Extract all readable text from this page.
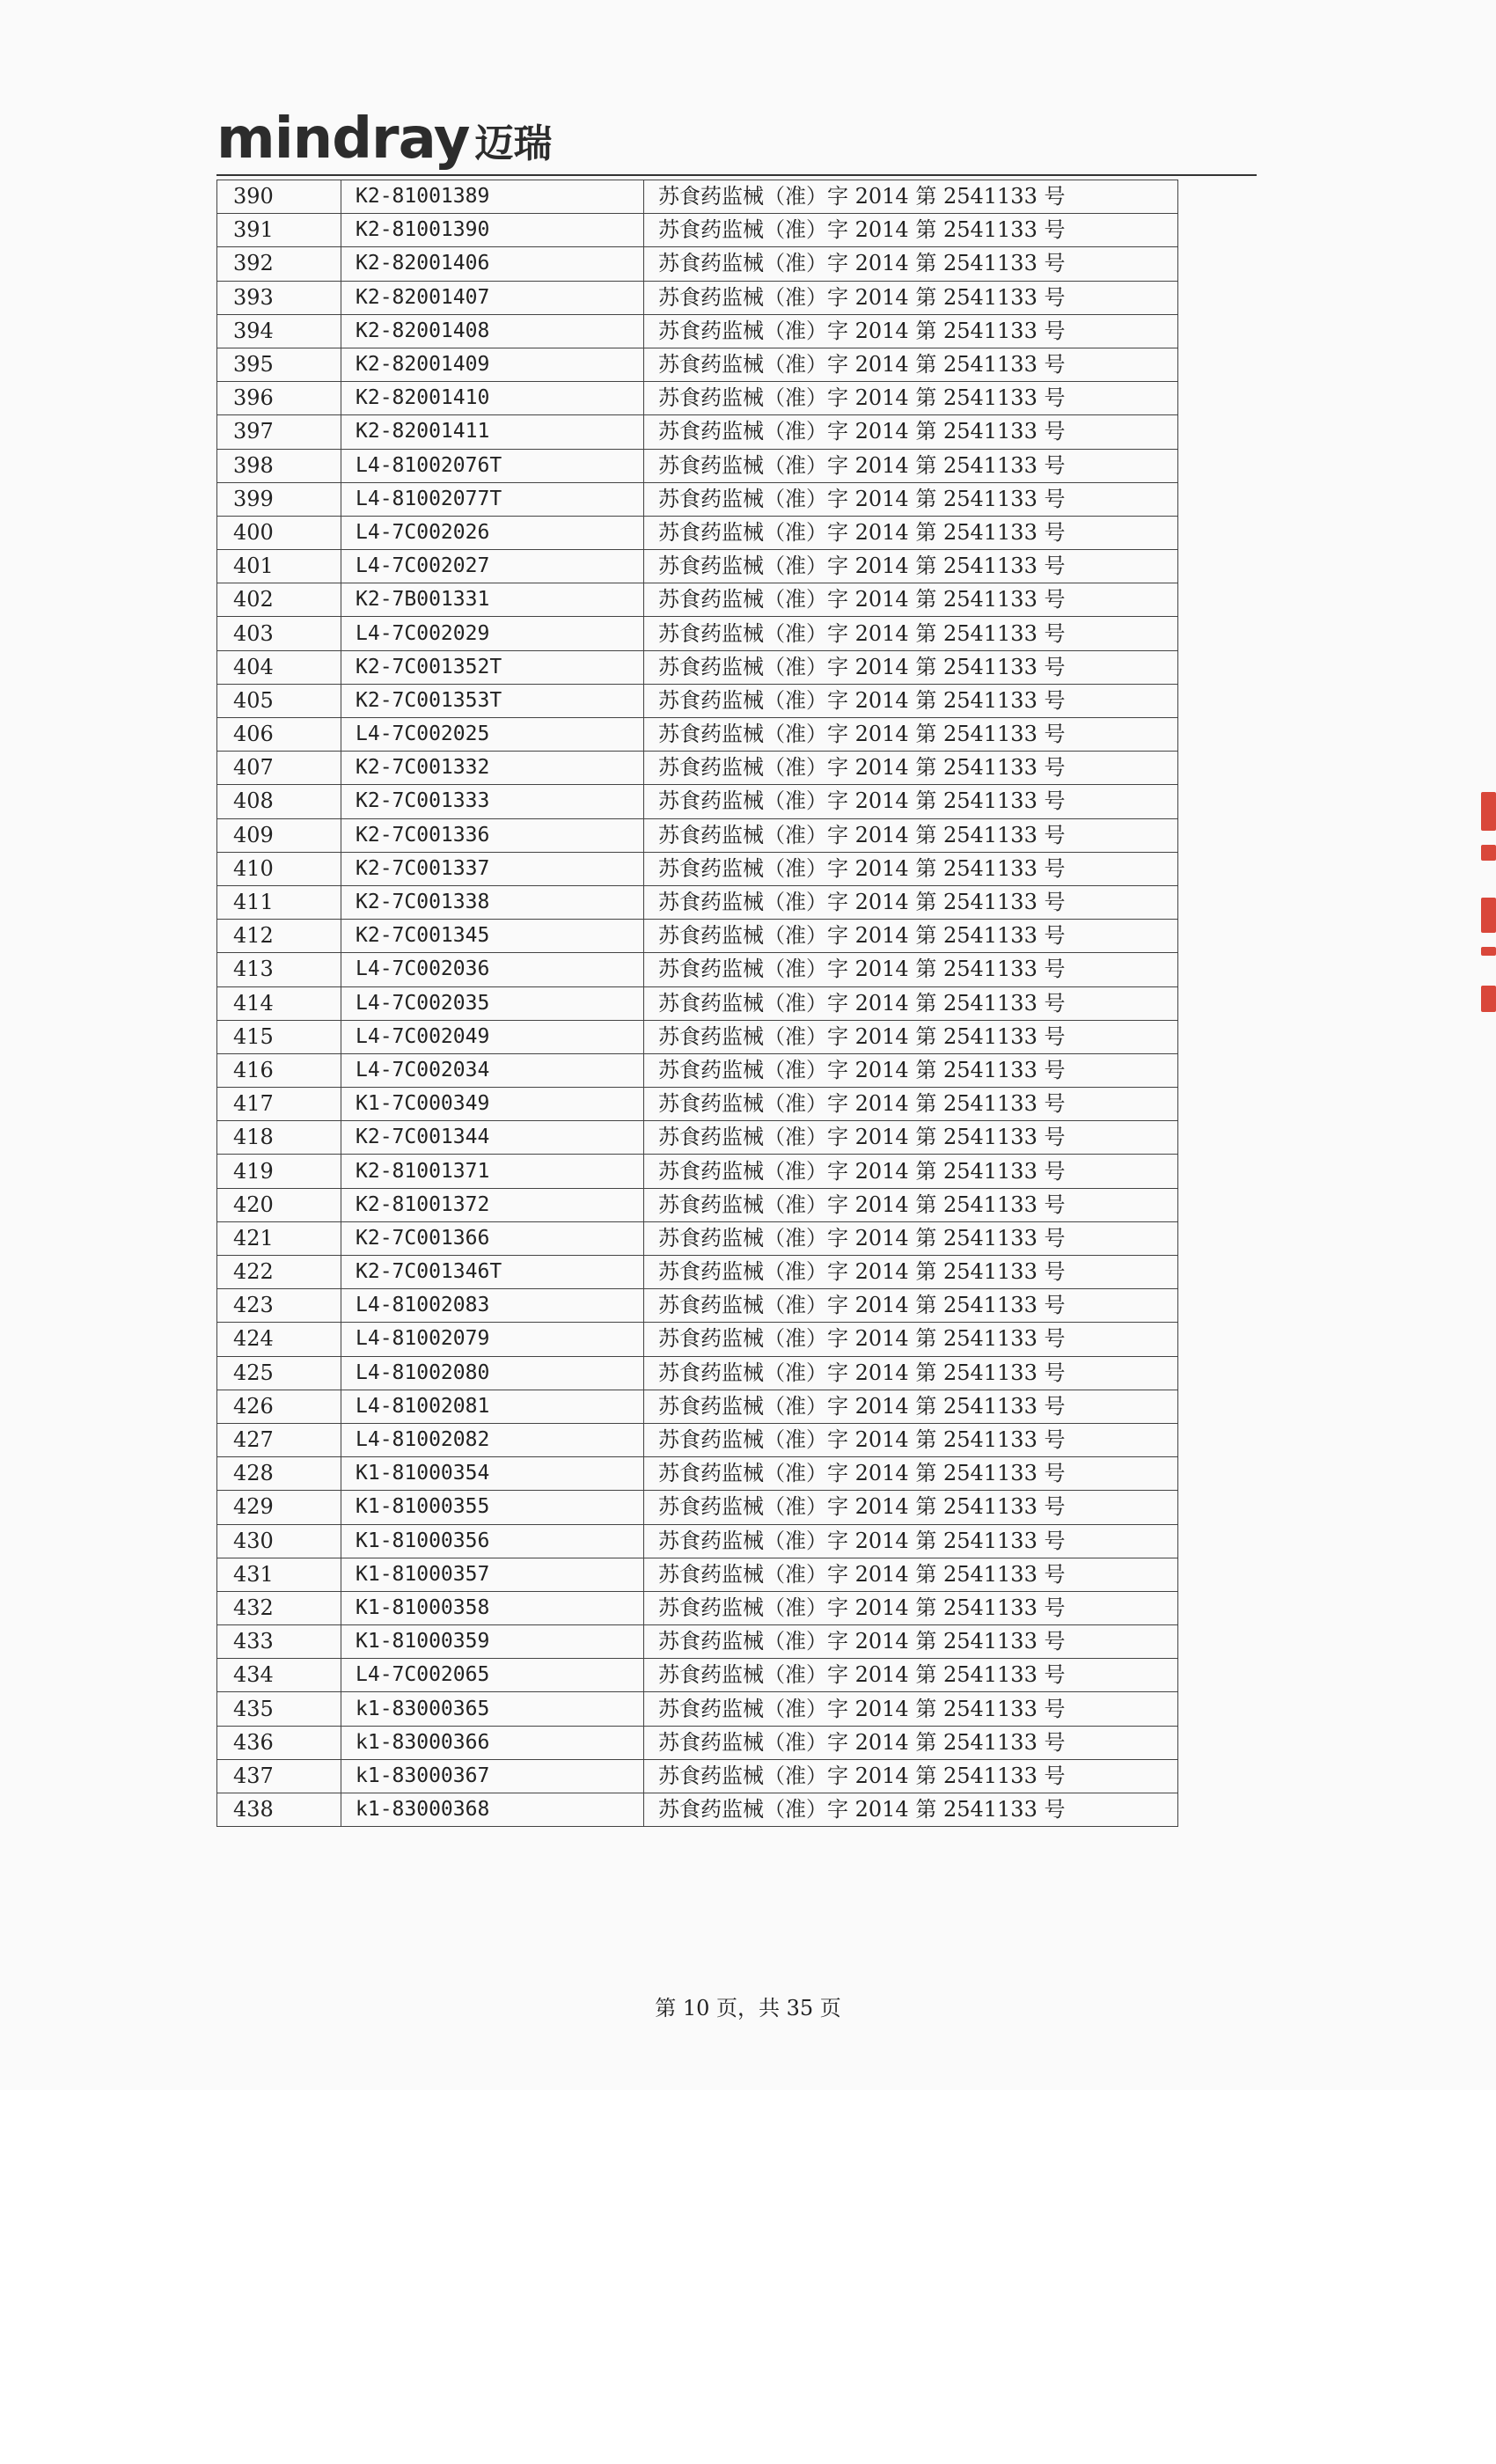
mindray 迈瑞
390	K2-81001389	苏食药监械（准）字 2014 第 2541133 号
391	K2-81001390	苏食药监械（准）字 2014 第 2541133 号
392	K2-82001406	苏食药监械（准）字 2014 第 2541133 号
393	K2-82001407	苏食药监械（准）字 2014 第 2541133 号
394	K2-82001408	苏食药监械（准）字 2014 第 2541133 号
395	K2-82001409	苏食药监械（准）字 2014 第 2541133 号
396	K2-82001410	苏食药监械（准）字 2014 第 2541133 号
397	K2-82001411	苏食药监械（准）字 2014 第 2541133 号
398	L4-81002076T	苏食药监械（准）字 2014 第 2541133 号
399	L4-81002077T	苏食药监械（准）字 2014 第 2541133 号
400	L4-7C002026	苏食药监械（准）字 2014 第 2541133 号
401	L4-7C002027	苏食药监械（准）字 2014 第 2541133 号
402	K2-7B001331	苏食药监械（准）字 2014 第 2541133 号
403	L4-7C002029	苏食药监械（准）字 2014 第 2541133 号
404	K2-7C001352T	苏食药监械（准）字 2014 第 2541133 号
405	K2-7C001353T	苏食药监械（准）字 2014 第 2541133 号
406	L4-7C002025	苏食药监械（准）字 2014 第 2541133 号
407	K2-7C001332	苏食药监械（准）字 2014 第 2541133 号
408	K2-7C001333	苏食药监械（准）字 2014 第 2541133 号
409	K2-7C001336	苏食药监械（准）字 2014 第 2541133 号
410	K2-7C001337	苏食药监械（准）字 2014 第 2541133 号
411	K2-7C001338	苏食药监械（准）字 2014 第 2541133 号
412	K2-7C001345	苏食药监械（准）字 2014 第 2541133 号
413	L4-7C002036	苏食药监械（准）字 2014 第 2541133 号
414	L4-7C002035	苏食药监械（准）字 2014 第 2541133 号
415	L4-7C002049	苏食药监械（准）字 2014 第 2541133 号
416	L4-7C002034	苏食药监械（准）字 2014 第 2541133 号
417	K1-7C000349	苏食药监械（准）字 2014 第 2541133 号
418	K2-7C001344	苏食药监械（准）字 2014 第 2541133 号
419	K2-81001371	苏食药监械（准）字 2014 第 2541133 号
420	K2-81001372	苏食药监械（准）字 2014 第 2541133 号
421	K2-7C001366	苏食药监械（准）字 2014 第 2541133 号
422	K2-7C001346T	苏食药监械（准）字 2014 第 2541133 号
423	L4-81002083	苏食药监械（准）字 2014 第 2541133 号
424	L4-81002079	苏食药监械（准）字 2014 第 2541133 号
425	L4-81002080	苏食药监械（准）字 2014 第 2541133 号
426	L4-81002081	苏食药监械（准）字 2014 第 2541133 号
427	L4-81002082	苏食药监械（准）字 2014 第 2541133 号
428	K1-81000354	苏食药监械（准）字 2014 第 2541133 号
429	K1-81000355	苏食药监械（准）字 2014 第 2541133 号
430	K1-81000356	苏食药监械（准）字 2014 第 2541133 号
431	K1-81000357	苏食药监械（准）字 2014 第 2541133 号
432	K1-81000358	苏食药监械（准）字 2014 第 2541133 号
433	K1-81000359	苏食药监械（准）字 2014 第 2541133 号
434	L4-7C002065	苏食药监械（准）字 2014 第 2541133 号
435	k1-83000365	苏食药监械（准）字 2014 第 2541133 号
436	k1-83000366	苏食药监械（准）字 2014 第 2541133 号
437	k1-83000367	苏食药监械（准）字 2014 第 2541133 号
438	k1-83000368	苏食药监械（准）字 2014 第 2541133 号
第 10 页，共 35 页
